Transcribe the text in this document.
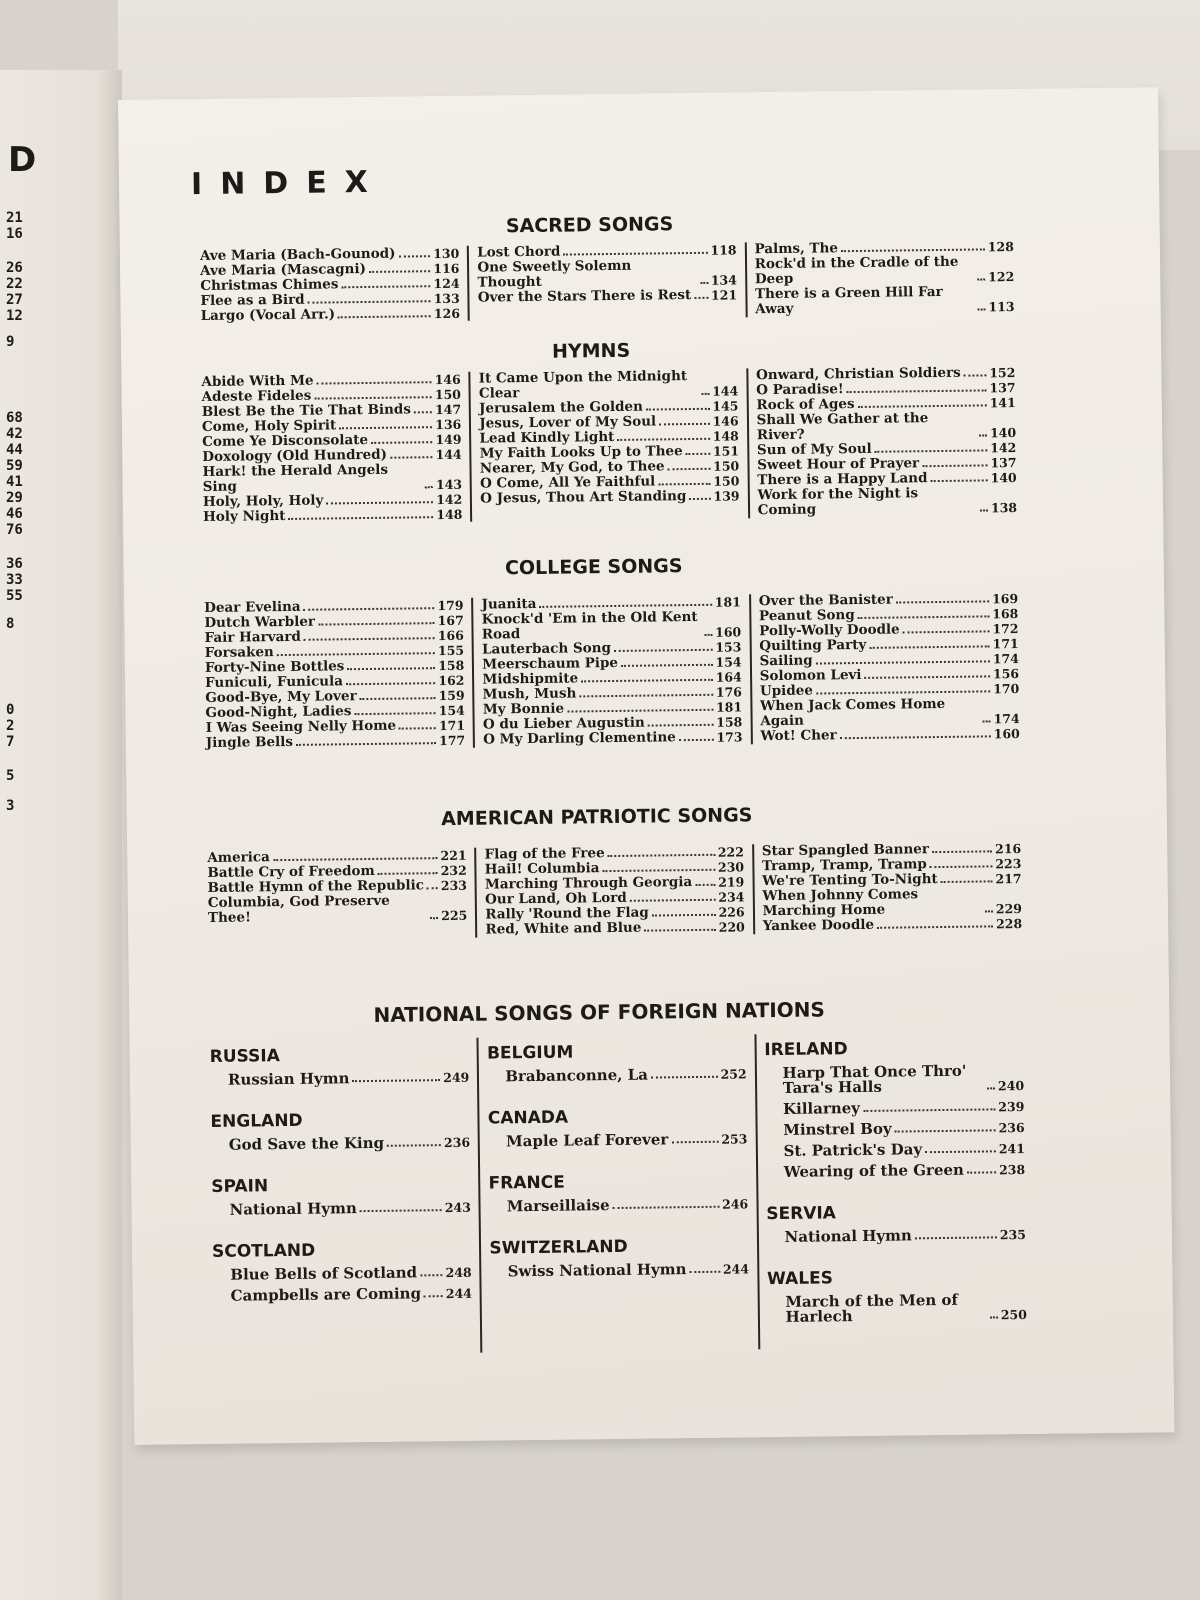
D
21
16
26
22
27
12
9
68
42
44
59
41
29
46
76
36
33
55
8
0
2
7
5
3
INDEX
SACRED SONGS
Ave Maria (Bach-Gounod)	130
Ave Maria (Mascagni)	116
Christmas Chimes	124
Flee as a Bird	133
Largo (Vocal Arr.)	126
Lost Chord	118
One Sweetly Solemn Thought	134
Over the Stars There is Rest 121
Palms, The	128
Rock'd in the Cradle of the Deep	122
There is a Green Hill Far Away	113
HYMNS
Abide With Me	146
Adeste Fideles	150
Blest Be the Tie That Binds 147
Come, Holy Spirit	136
Come Ye Disconsolate	149
Doxology (Old Hundred)	144
Hark! the Herald Angels Sing	143
Holy, Holy, Holy	142
Holy Night	148
It Came Upon the Midnight Clear	144
Jerusalem the Golden	145
Jesus, Lover of My Soul	146
Lead Kindly Light	148
My Faith Looks Up to Thee 151
Nearer, My God, to Thee	150
O Come, All Ye Faithful	150
O Jesus, Thou Art Standing 139
Onward, Christian Soldiers 152
O Paradise!	137
Rock of Ages	141
Shall We Gather at the River?	140
Sun of My Soul	142
Sweet Hour of Prayer	137
There is a Happy Land	140
Work for the Night is Coming	138
COLLEGE SONGS
Dear Evelina	179
Dutch Warbler	167
Fair Harvard	166
Forsaken	155
Forty-Nine Bottles	158
Funiculi, Funicula	162
Good-Bye, My Lover	159
Good-Night, Ladies	154
I Was Seeing Nelly Home	171
Jingle Bells	177
Juanita	181
Knock'd 'Em in the Old Kent Road	160
Lauterbach Song	153
Meerschaum Pipe	154
Midshipmite	164
Mush, Mush	176
My Bonnie	181
O du Lieber Augustin	158
O My Darling Clementine	173
Over the Banister	169
Peanut Song	168
Polly-Wolly Doodle	172
Quilting Party	171
Sailing	174
Solomon Levi	156
Upidee	170
When Jack Comes Home Again	174
Wot! Cher	160
AMERICAN PATRIOTIC SONGS
America	221
Battle Cry of Freedom	232
Battle Hymn of the Republic 233
Columbia, God Preserve Thee!	225
Flag of the Free	222
Hail! Columbia	230
Marching Through Georgia 219
Our Land, Oh Lord	234
Rally 'Round the Flag	226
Red, White and Blue	220
Star Spangled Banner	216
Tramp, Tramp, Tramp	223
We're Tenting To-Night	217
When Johnny Comes Marching Home	229
Yankee Doodle	228
NATIONAL SONGS OF FOREIGN NATIONS
RUSSIA
Russian Hymn	249
ENGLAND
God Save the King	236
SPAIN
National Hymn	243
SCOTLAND
Blue Bells of Scotland 248
Campbells are Coming 244
BELGIUM
Brabanconne, La	252
CANADA
Maple Leaf Forever	253
FRANCE
Marseillaise	246
SWITZERLAND
Swiss National Hymn	244
IRELAND
Harp That Once Thro' Tara's Halls	240
Killarney	239
Minstrel Boy	236
St. Patrick's Day	241
Wearing of the Green	238
SERVIA
National Hymn	235
WALES
March of the Men of Harlech	250
